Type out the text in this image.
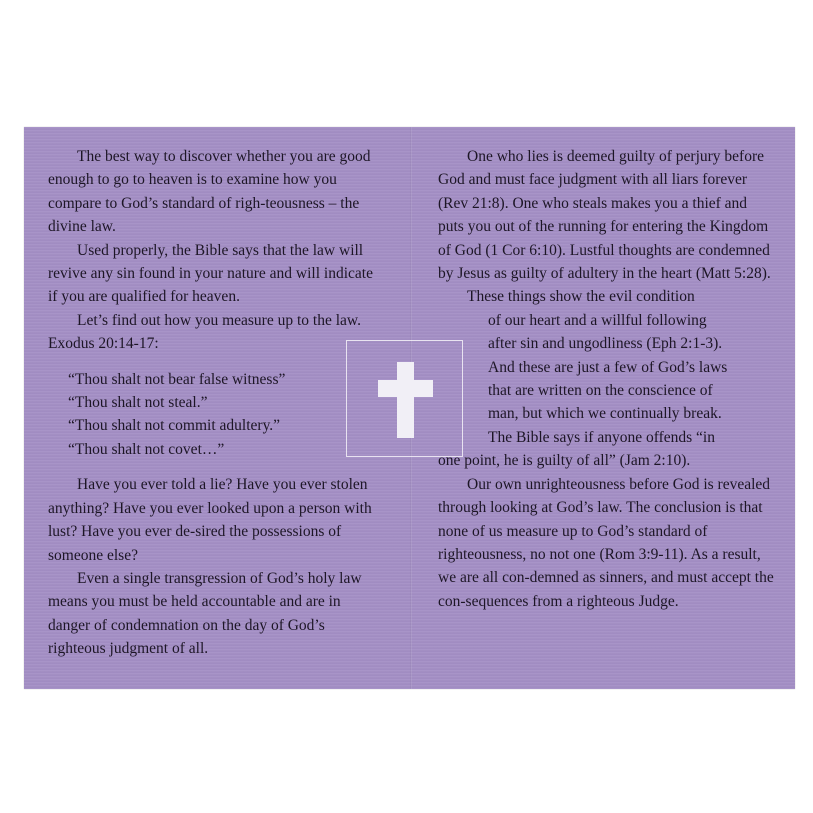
The best way to discover whether you are good enough to go to heaven is to examine how you compare to God’s standard of righ-teousness – the divine law.

Used properly, the Bible says that the law will revive any sin found in your nature and will indicate if you are qualified for heaven.

Let’s find out how you measure up to the law. Exodus 20:14-17:

“Thou shalt not bear false witness”
“Thou shalt not steal.”
“Thou shalt not commit adultery.”
“Thou shalt not covet…”

Have you ever told a lie? Have you ever stolen anything? Have you ever looked upon a person with lust? Have you ever de-sired the possessions of someone else?

Even a single transgression of God’s holy law means you must be held accountable and are in danger of condemnation on the day of God’s righteous judgment of all.

One who lies is deemed guilty of perjury before God and must face judgment with all liars forever (Rev 21:8). One who steals makes you a thief and puts you out of the running for entering the Kingdom of God (1 Cor 6:10). Lustful thoughts are condemned by Jesus as guilty of adultery in the heart (Matt 5:28).

These things show the evil condition
of our heart and a willful following
after sin and ungodliness (Eph 2:1-3).
And these are just a few of God’s laws
that are written on the conscience of
man, but which we continually break.
The Bible says if anyone offends “in
one point, he is guilty of all” (Jam 2:10).

Our own unrighteousness before God is revealed through looking at God’s law. The conclusion is that none of us measure up to God’s standard of righteousness, no not one (Rom 3:9-11). As a result, we are all con-demned as sinners, and must accept the con-sequences from a righteous Judge.
